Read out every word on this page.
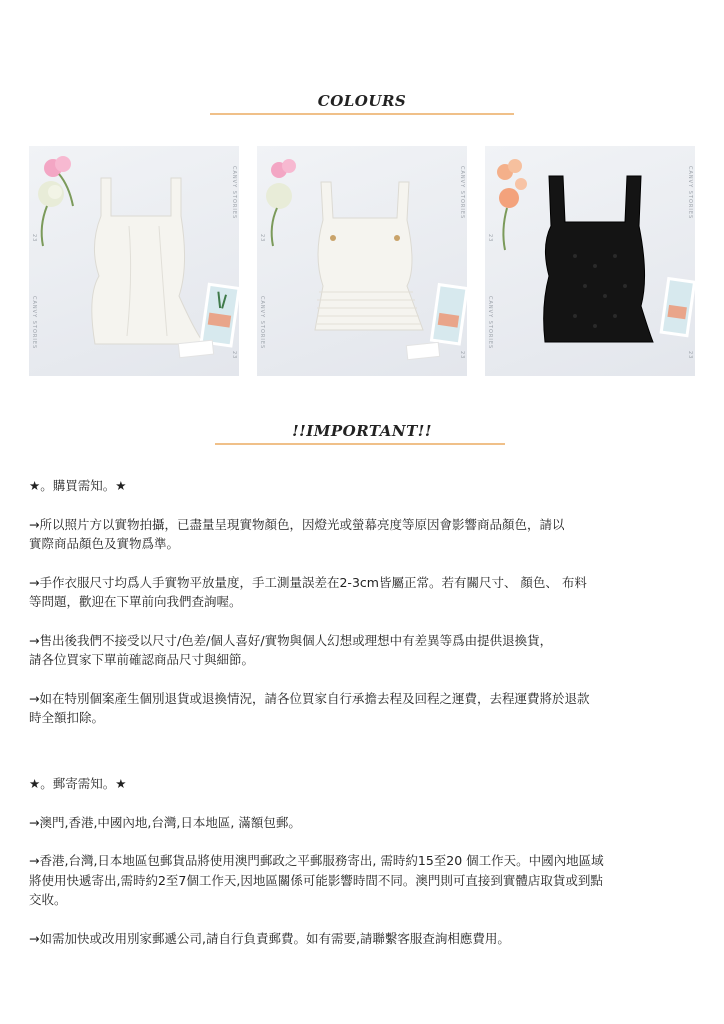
COLOURS
CANVY STORIES
CANVY STORIES
23
23
CANVY STORIES
CANVY STORIES
23
23
CANVY STORIES
CANVY STORIES
23
23
!!IMPORTANT!!

★。購買需知。★

→所以照片方以實物拍攝，已盡量呈現實物顏色，因燈光或螢幕亮度等原因會影響商品顏色，請以

實際商品顏色及實物爲準。

→手作衣服尺寸均爲人手實物平放量度，手工測量誤差在2-3cm皆屬正常。若有關尺寸、 顏色、 布料

等問題，歡迎在下單前向我們查詢喔。

→售出後我們不接受以尺寸/色差/個人喜好/實物與個人幻想或理想中有差異等爲由提供退換貨，

請各位買家下單前確認商品尺寸與細節。

→如在特別個案產生個別退貨或退換情況，請各位買家自行承擔去程及回程之運費，去程運費將於退款

時全額扣除。

★。郵寄需知。★

→澳門,香港,中國內地,台灣,日本地區, 滿額包郵。

→香港,台灣,日本地區包郵貨品將使用澳門郵政之平郵服務寄出, 需時約15至20 個工作天。中國內地區域

將使用快遞寄出,需時約2至7個工作天,因地區關係可能影響時間不同。澳門則可直接到實體店取貨或到點

交收。

→如需加快或改用別家郵遞公司,請自行負責郵費。如有需要,請聯繫客服查詢相應費用。
